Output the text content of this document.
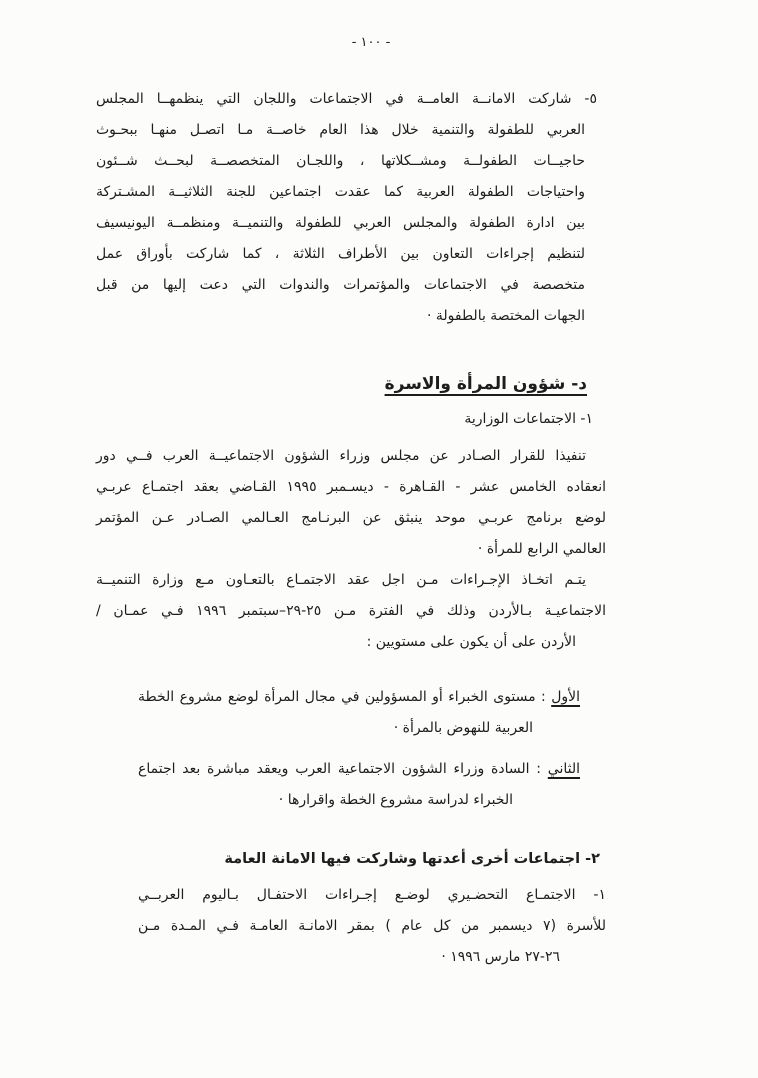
- ١٠٠ -
٥- شاركت الامانــة العامــة في الاجتماعات واللجان التي ينظمهــا المجلس
العربي للطفولة والتنمية خلال هذا العام خاصــة مـا اتصـل منهـا ببحـوث
حاجيــات الطفولــة ومشــكلاتها ، واللجـان المتخصصــة لبحــث شــئون
واحتياجات الطفولة العربية كما عقدت اجتماعين للجنة الثلاثيــة المشـتركة
بين ادارة الطفولة والمجلس العربي للطفولة والتنميــة ومنظمــة اليونيسيف
لتنظيم إجراءات التعاون بين الأطراف الثلاثة ، كما شاركت بأوراق عمل
متخصصة في الاجتماعات والمؤتمرات والندوات التي دعت إليها من قبل
الجهات المختصة بالطفولة ·
د- شؤون المرأة والاسرة
١- الاجتماعات الوزارية
تنفيذا للقرار الصـادر عن مجلس وزراء الشؤون الاجتماعيــة العرب فــي دور
انعقاده الخامس عشر - القـاهرة - ديسـمبر ١٩٩٥ القـاضي بعقد اجتمـاع عربـي
لوضع برنامج عربـي موحد ينبثق عن البرنـامج العـالمي الصـادر عـن المؤتمر
العالمي الرابع للمرأة ·
يتـم اتخـاذ الإجـراءات مـن اجل عقد الاجتمـاع بالتعـاون مـع وزارة التنميــة
الاجتماعيـة بـالأردن وذلك في الفترة مـن ٢٥-٢٩–سبتمبر ١٩٩٦ فـي عمـان /
الأردن على أن يكون على مستويين :
الأول : مستوى الخبراء أو المسؤولين في مجال المرأة لوضع مشروع الخطة
العربية للنهوض بالمرأة ·
الثاني : السادة وزراء الشؤون الاجتماعية العرب ويعقد مباشرة بعد اجتماع
الخبراء لدراسة مشروع الخطة واقرارها ·
٢- اجتماعات أخرى أعدتها وشاركت فيها الامانة العامة
١- الاجتمـاع التحضـيري لوضـع إجـراءات الاحتفـال بـاليوم العربــي
للأسرة (٧ ديسمبر من كل عام ) بمقر الامانـة العامـة فـي المـدة مـن
٢٦-٢٧ مارس ١٩٩٦ ·
